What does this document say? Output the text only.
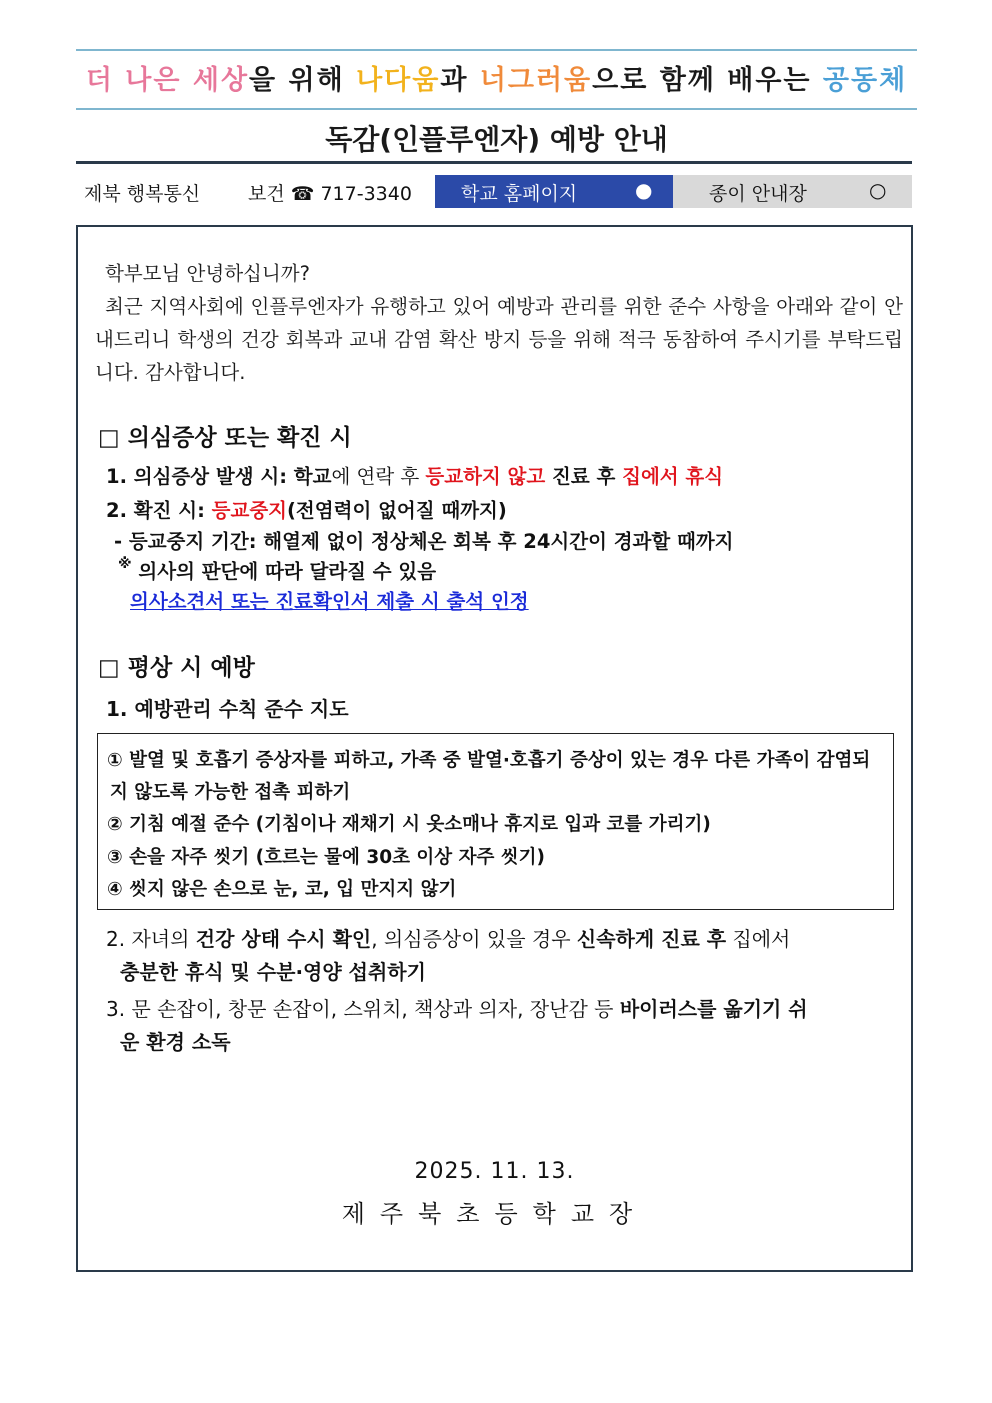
더 나은 세상을 위해 나다움과 너그러움으로 함께 배우는 공동체
독감(인플루엔자) 예방 안내
제북 행복통신	보건 ☎ 717-3340	학교 홈페이지	●	종이 안내장	○
학부모님 안녕하십니까?
최근 지역사회에 인플루엔자가 유행하고 있어 예방과 관리를 위한 준수 사항을 아래와 같이 안내드리니 학생의 건강 회복과 교내 감염 확산 방지 등을 위해 적극 동참하여 주시기를 부탁드립니다. 감사합니다.
□ 의심증상 또는 확진 시
1. 의심증상 발생 시: 학교에 연락 후 등교하지 않고 진료 후 집에서 휴식
2. 확진 시: 등교중지(전염력이 없어질 때까지)
- 등교중지 기간: 해열제 없이 정상체온 회복 후 24시간이 경과할 때까지
※ 의사의 판단에 따라 달라질 수 있음
의사소견서 또는 진료확인서 제출 시 출석 인정
□ 평상 시 예방
1. 예방관리 수칙 준수 지도
① 발열 및 호흡기 증상자를 피하고, 가족 중 발열·호흡기 증상이 있는 경우 다른 가족이 감염되
지 않도록 가능한 접촉 피하기
② 기침 예절 준수 (기침이나 재채기 시 옷소매나 휴지로 입과 코를 가리기)
③ 손을 자주 씻기 (흐르는 물에 30초 이상 자주 씻기)
④ 씻지 않은 손으로 눈, 코, 입 만지지 않기
2. 자녀의 건강 상태 수시 확인, 의심증상이 있을 경우 신속하게 진료 후 집에서
충분한 휴식 및 수분·영양 섭취하기
3. 문 손잡이, 창문 손잡이, 스위치, 책상과 의자, 장난감 등 바이러스를 옮기기 쉬
운 환경 소독
2025. 11. 13.
제주북초등학교장
